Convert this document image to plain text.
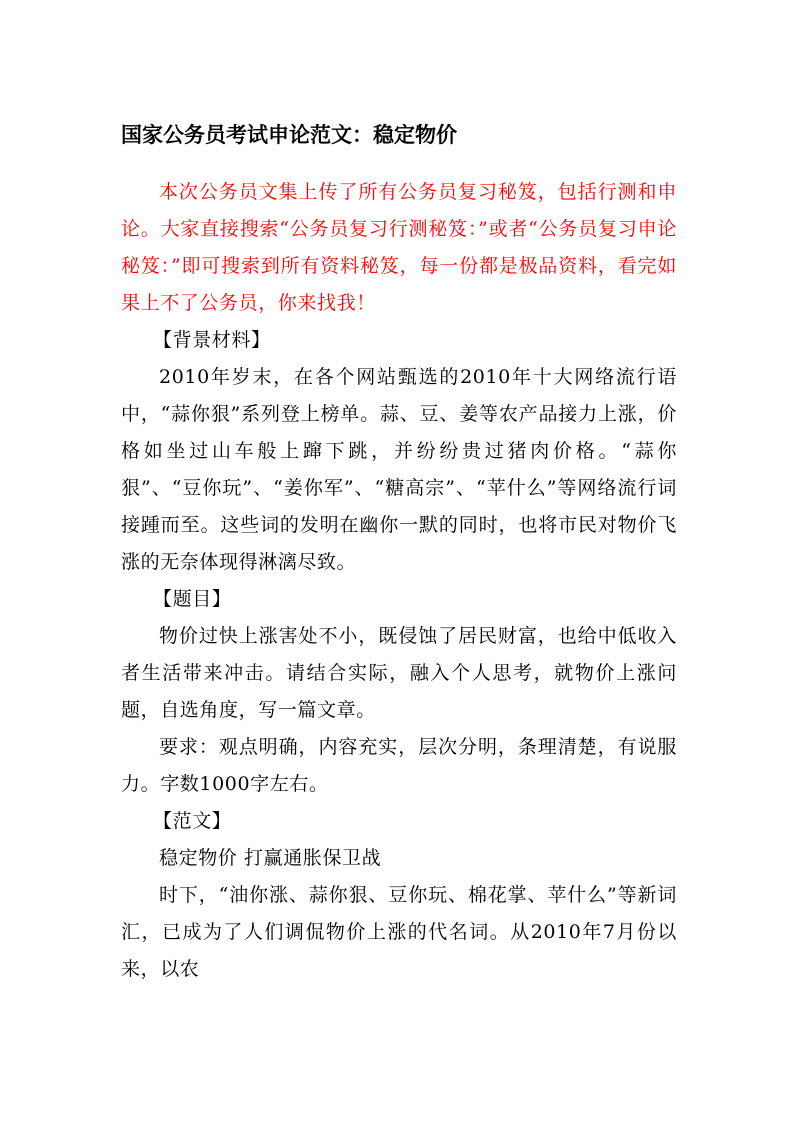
国家公务员考试申论范文：稳定物价

本次公务员文集上传了所有公务员复习秘笈，包括行测和申论。大家直接搜索“公务员复习行测秘笈：”或者“公务员复习申论秘笈：”即可搜索到所有资料秘笈，每一份都是极品资料，看完如果上不了公务员，你来找我！

【背景材料】

2010年岁末，在各个网站甄选的2010年十大网络流行语中，“蒜你狠”系列登上榜单。蒜、豆、姜等农产品接力上涨，价格如坐过山车般上蹿下跳，并纷纷贵过猪肉价格。“蒜你狠”、“豆你玩”、“姜你军”、“糖高宗”、“苹什么”等网络流行词接踵而至。这些词的发明在幽你一默的同时，也将市民对物价飞涨的无奈体现得淋漓尽致。

【题目】

物价过快上涨害处不小，既侵蚀了居民财富，也给中低收入者生活带来冲击。请结合实际，融入个人思考，就物价上涨问题，自选角度，写一篇文章。

要求：观点明确，内容充实，层次分明，条理清楚，有说服力。字数1000字左右。

【范文】

稳定物价 打赢通胀保卫战

时下，“油你涨、蒜你狠、豆你玩、棉花掌、苹什么”等新词汇，已成为了人们调侃物价上涨的代名词。从2010年7月份以来，以农
